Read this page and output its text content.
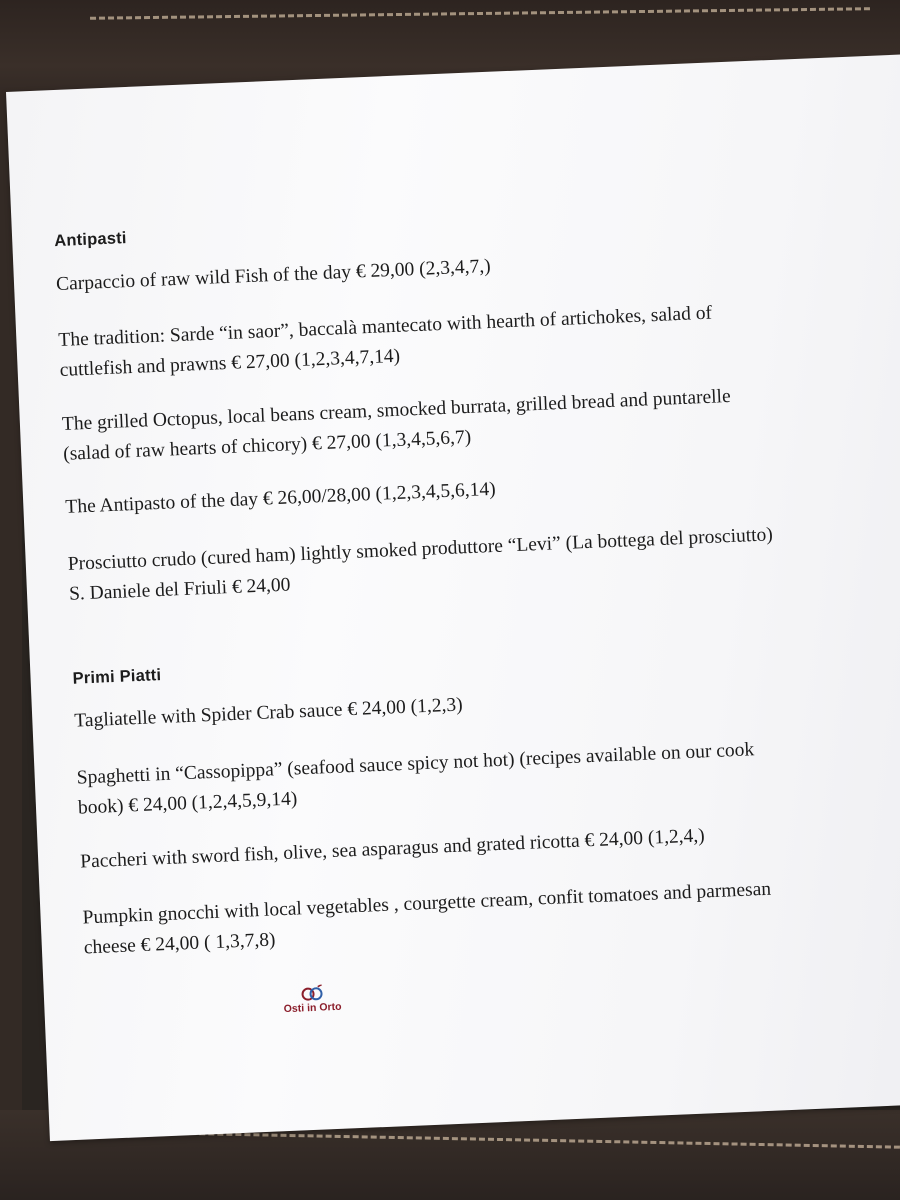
Antipasti
Carpaccio of raw wild Fish of the day € 29,00 (2,3,4,7,)
The tradition: Sarde “in saor”, baccalà mantecato with hearth of artichokes, salad of
cuttlefish and prawns € 27,00 (1,2,3,4,7,14)
The grilled Octopus, local beans cream, smocked burrata, grilled bread and puntarelle
(salad of raw hearts of chicory) € 27,00 (1,3,4,5,6,7)
The Antipasto of the day € 26,00/28,00 (1,2,3,4,5,6,14)
Prosciutto crudo (cured ham) lightly smoked produttore “Levi” (La bottega del prosciutto)
S. Daniele del Friuli € 24,00
Primi Piatti
Tagliatelle with Spider Crab sauce € 24,00 (1,2,3)
Spaghetti in “Cassopippa” (seafood sauce spicy not hot) (recipes available on our cook
book) € 24,00 (1,2,4,5,9,14)
Paccheri with sword fish, olive, sea asparagus and grated ricotta € 24,00 (1,2,4,)
Pumpkin gnocchi with local vegetables , courgette cream, confit tomatoes and parmesan
cheese € 24,00 ( 1,3,7,8)
Osti in Orto
